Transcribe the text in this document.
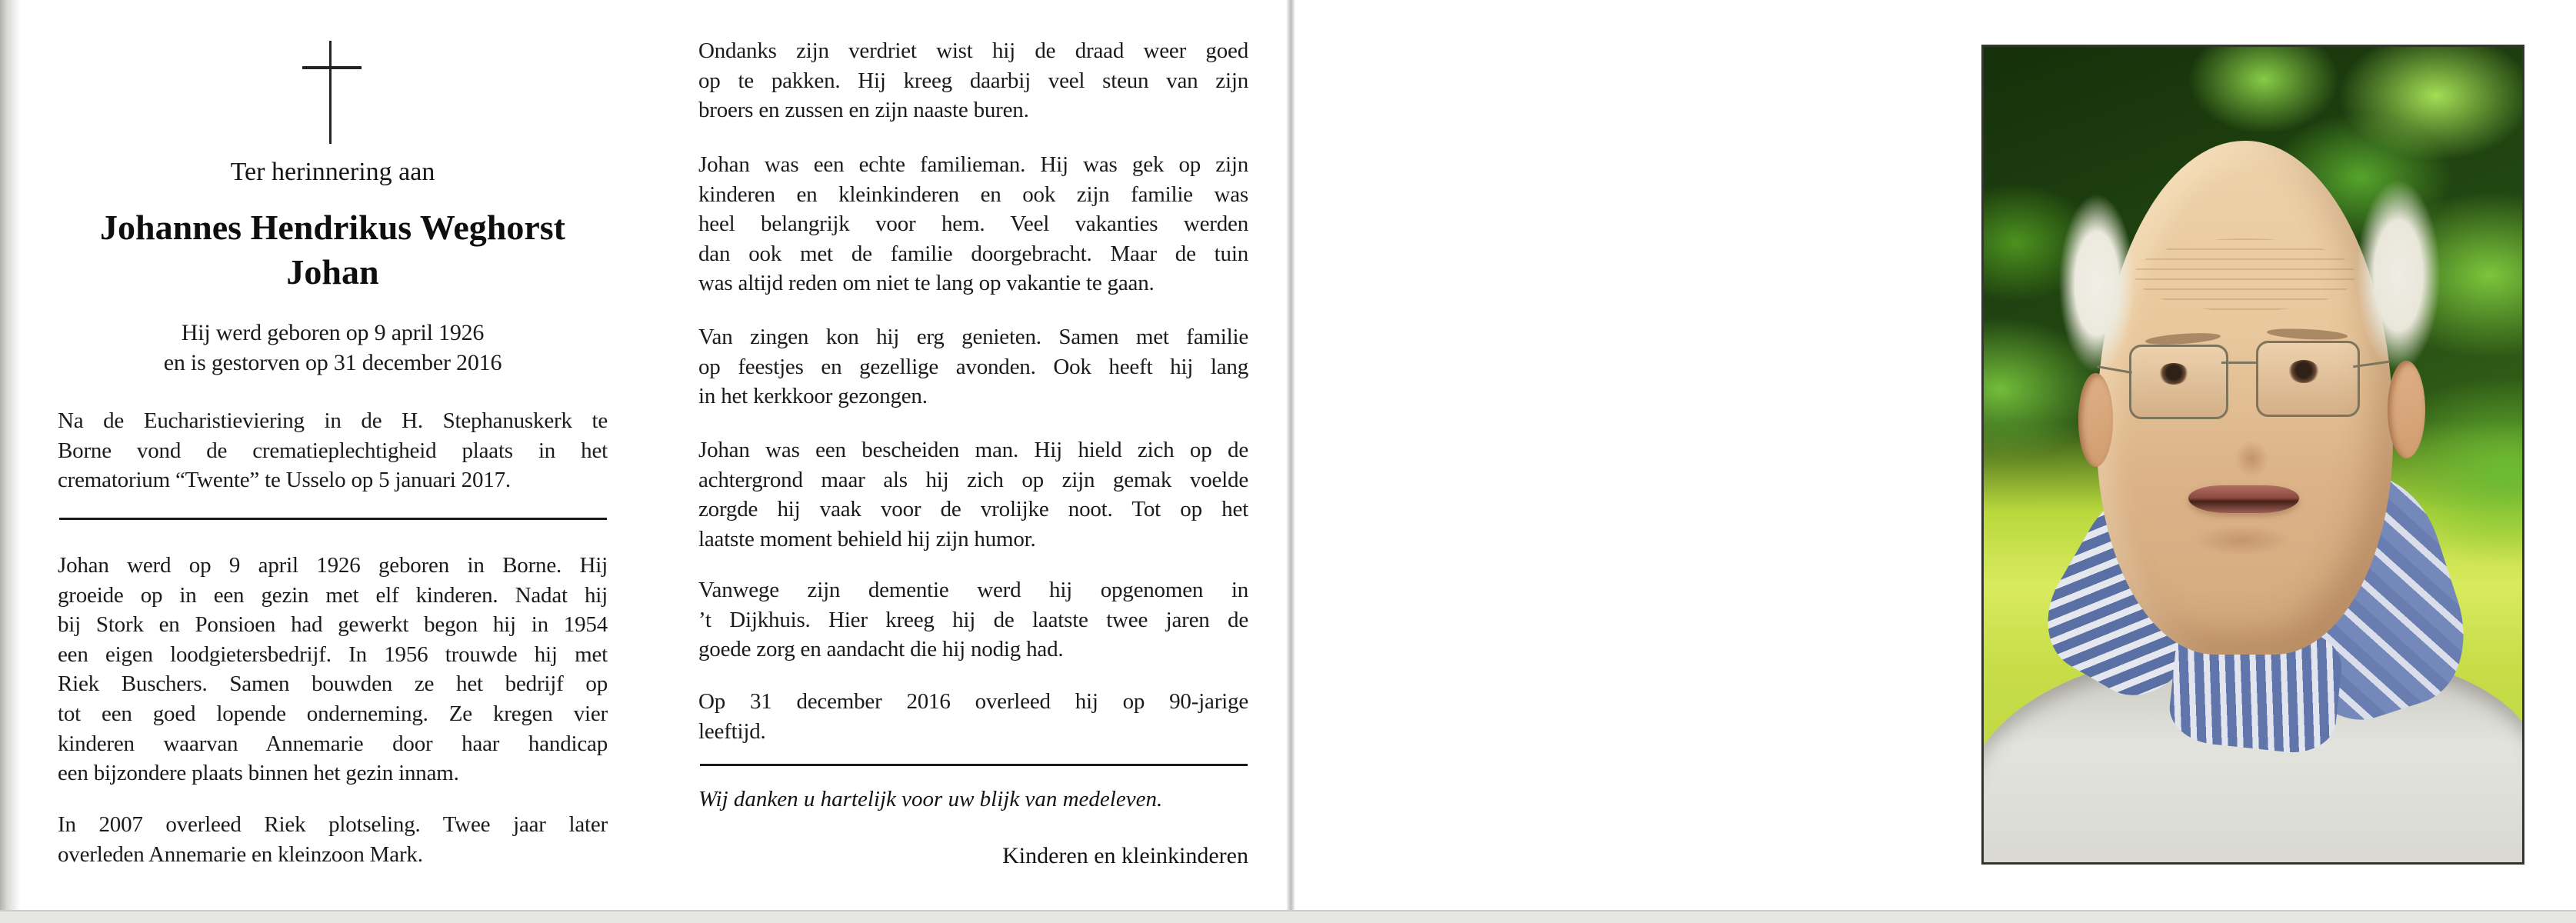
Ter herinnering aan
Johannes Hendrikus Weghorst
Johan
Hij werd geboren op 9 april 1926
en is gestorven op 31 december 2016
Na de Eucharistieviering in de H. Stephanuskerk te
Borne vond de crematieplechtigheid plaats in het
crematorium “Twente” te Usselo op 5 januari 2017.
Johan werd op 9 april 1926 geboren in Borne. Hij
groeide op in een gezin met elf kinderen. Nadat hij
bij Stork en Ponsioen had gewerkt begon hij in 1954
een eigen loodgietersbedrijf. In 1956 trouwde hij met
Riek Buschers. Samen bouwden ze het bedrijf op
tot een goed lopende onderneming. Ze kregen vier
kinderen waarvan Annemarie door haar handicap
een bijzondere plaats binnen het gezin innam.
In 2007 overleed Riek plotseling. Twee jaar later
overleden Annemarie en kleinzoon Mark.
Ondanks zijn verdriet wist hij de draad weer goed
op te pakken. Hij kreeg daarbij veel steun van zijn
broers en zussen en zijn naaste buren.
Johan was een echte familieman. Hij was gek op zijn
kinderen en kleinkinderen en ook zijn familie was
heel belangrijk voor hem. Veel vakanties werden
dan ook met de familie doorgebracht. Maar de tuin
was altijd reden om niet te lang op vakantie te gaan.
Van zingen kon hij erg genieten. Samen met familie
op feestjes en gezellige avonden. Ook heeft hij lang
in het kerkkoor gezongen.
Johan was een bescheiden man. Hij hield zich op de
achtergrond maar als hij zich op zijn gemak voelde
zorgde hij vaak voor de vrolijke noot. Tot op het
laatste moment behield hij zijn humor.
Vanwege zijn dementie werd hij opgenomen in
’t Dijkhuis. Hier kreeg hij de laatste twee jaren de
goede zorg en aandacht die hij nodig had.
Op 31 december 2016 overleed hij op 90-jarige
leeftijd.
Wij danken u hartelijk voor uw blijk van medeleven.
Kinderen en kleinkinderen
